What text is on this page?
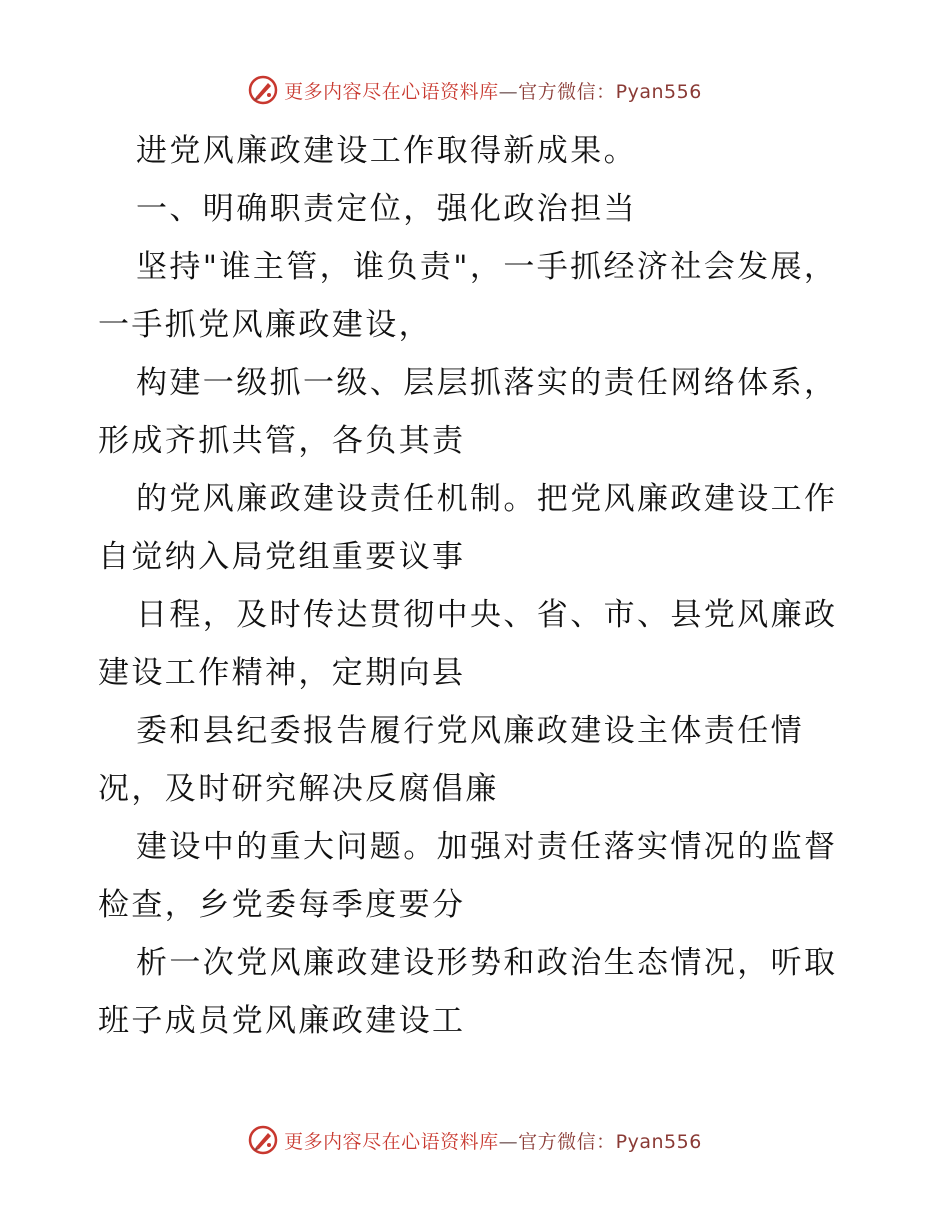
更多内容尽在心语资料库—官方微信：Pyan556
进党风廉政建设工作取得新成果。
一、明确职责定位，强化政治担当
坚持"谁主管，谁负责"，一手抓经济社会发展，
一手抓党风廉政建设，
构建一级抓一级、层层抓落实的责任网络体系，
形成齐抓共管，各负其责
的党风廉政建设责任机制。把党风廉政建设工作
自觉纳入局党组重要议事
日程，及时传达贯彻中央、省、市、县党风廉政
建设工作精神，定期向县
委和县纪委报告履行党风廉政建设主体责任情
况，及时研究解决反腐倡廉
建设中的重大问题。加强对责任落实情况的监督
检查，乡党委每季度要分
析一次党风廉政建设形势和政治生态情况，听取
班子成员党风廉政建设工
更多内容尽在心语资料库—官方微信：Pyan556
